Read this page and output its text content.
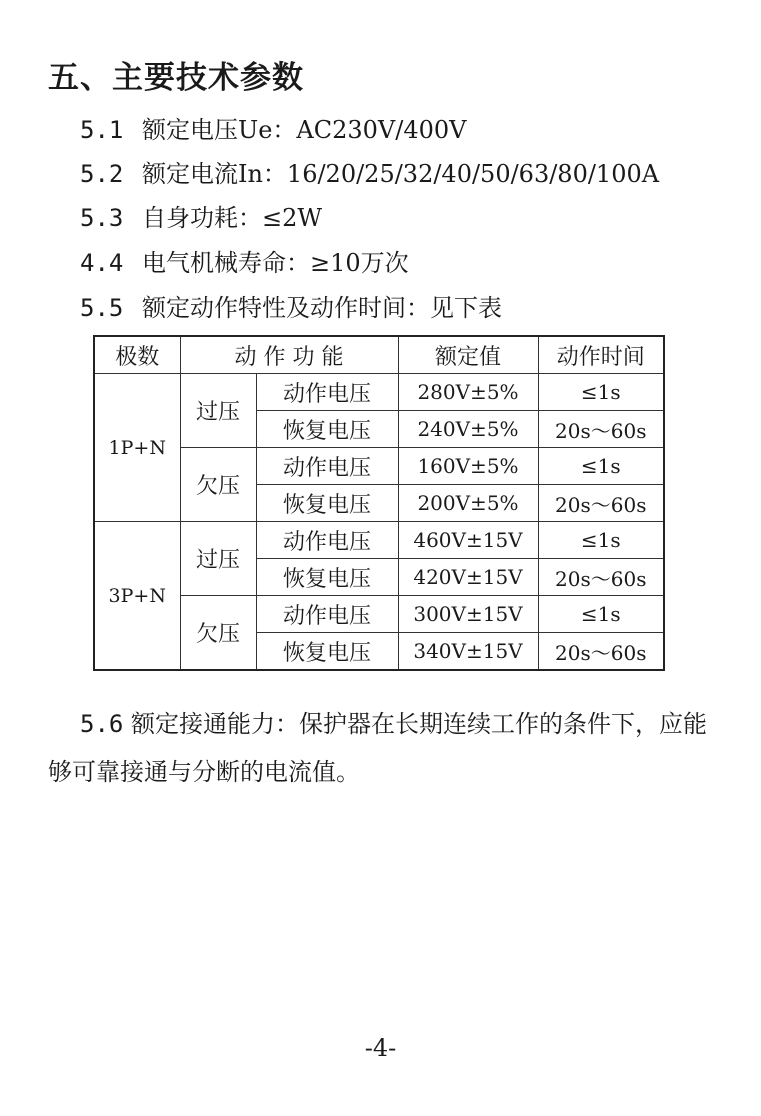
五、主要技术参数

5.1 额定电压Ue：AC230V/400V

5.2 额定电流In：16/20/25/32/40/50/63/80/100A

5.3 自身功耗：≤2W

4.4 电气机械寿命：≥10万次

5.5 额定动作特性及动作时间：见下表

极数	动 作 功 能		额定值	动作时间
1P+N	过压	动作电压	280V±5%	≤1s
		恢复电压	240V±5%	20s～60s
	欠压	动作电压	160V±5%	≤1s
		恢复电压	200V±5%	20s～60s
3P+N	过压	动作电压	460V±15V	≤1s
		恢复电压	420V±15V	20s～60s
	欠压	动作电压	300V±15V	≤1s
		恢复电压	340V±15V	20s～60s

5.6 额定接通能力：保护器在长期连续工作的条件下，应能够可靠接通与分断的电流值。

-4-
